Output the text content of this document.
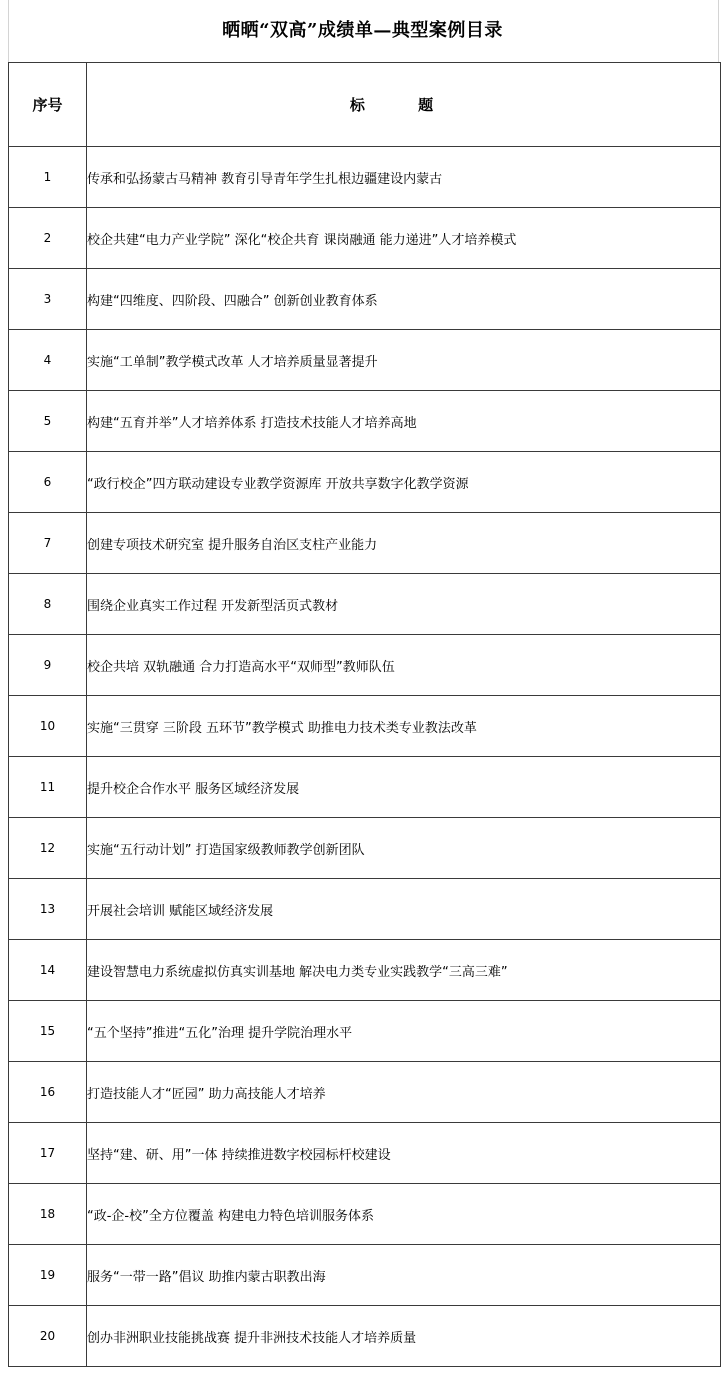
晒晒“双高”成绩单—典型案例目录
序号	标 题
1	传承和弘扬蒙古马精神 教育引导青年学生扎根边疆建设内蒙古
2	校企共建“电力产业学院” 深化“校企共育 课岗融通 能力递进”人才培养模式
3	构建“四维度、四阶段、四融合” 创新创业教育体系
4	实施“工单制”教学模式改革 人才培养质量显著提升
5	构建“五育并举”人才培养体系 打造技术技能人才培养高地
6	“政行校企”四方联动建设专业教学资源库 开放共享数字化教学资源
7	创建专项技术研究室 提升服务自治区支柱产业能力
8	围绕企业真实工作过程 开发新型活页式教材
9	校企共培 双轨融通 合力打造高水平“双师型”教师队伍
10	实施“三贯穿 三阶段 五环节”教学模式 助推电力技术类专业教法改革
11	提升校企合作水平 服务区域经济发展
12	实施“五行动计划” 打造国家级教师教学创新团队
13	开展社会培训 赋能区域经济发展
14	建设智慧电力系统虚拟仿真实训基地 解决电力类专业实践教学“三高三难”
15	“五个坚持”推进“五化”治理 提升学院治理水平
16	打造技能人才“匠园” 助力高技能人才培养
17	坚持“建、研、用”一体 持续推进数字校园标杆校建设
18	“政-企-校”全方位覆盖 构建电力特色培训服务体系
19	服务“一带一路”倡议 助推内蒙古职教出海
20	创办非洲职业技能挑战赛 提升非洲技术技能人才培养质量
